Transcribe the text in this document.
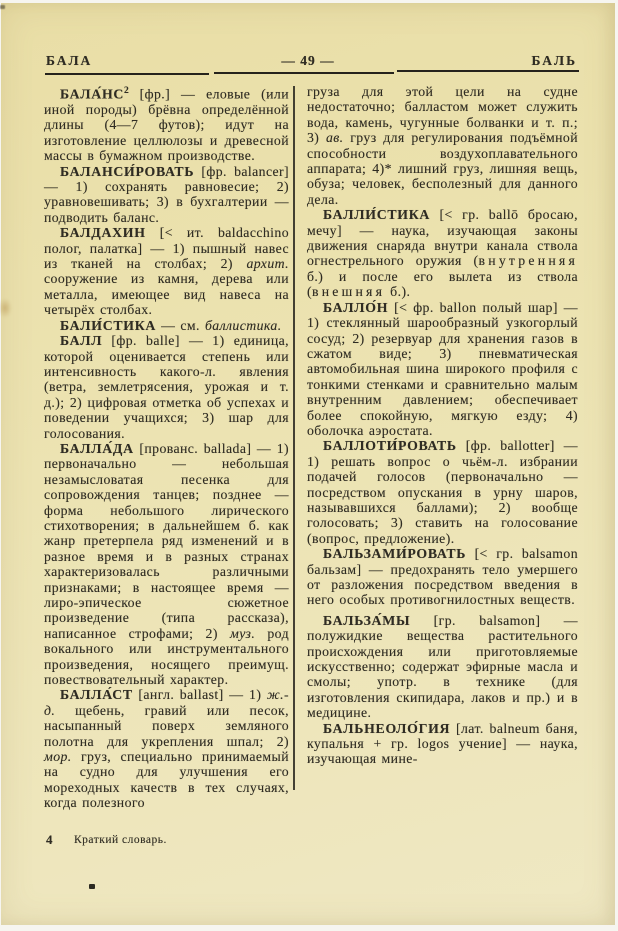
БАЛА	— 49 —	БАЛЬ

$БАЛА́НС^2$ [фр.] — еловые (или иной породы) брёвна определённой длины (4—7 футов); идут на изготовление целлюлозы и древесной массы в бумажном производстве.

БАЛАНСИ́РОВАТЬ [фр. balancer] — 1) сохранять равновесие; 2) уравновешивать; 3) в бухгалтерии — подводить баланс.

БАЛДАХИН [< ит. baldacchino полог, палатка] — 1) пышный навес из тканей на столбах; 2) архит. сооружение из камня, дерева или металла, имеющее вид навеса на четырёх столбах.

БАЛИ́СТИКА — см. баллистика.

БАЛЛ [фр. balle] — 1) единица, которой оценивается степень или интенсивность какого-л. явления (ветра, землетрясения, урожая и т. д.); 2) цифровая отметка об успехах и поведении учащихся; 3) шар для голосования.

БАЛЛА́ДА [прованс. ballada] — 1) первоначально — небольшая незамысловатая песенка для сопровождения танцев; позднее — форма небольшого лирического стихотворения; в дальнейшем б. как жанр претерпела ряд изменений и в разное время и в разных странах характеризовалась различными признаками; в настоящее время — лиро-эпическое сюжетное произведение (типа рассказа), написанное строфами; 2) муз. род вокального или инструментального произведения, носящего преимущ. повествовательный характер.

БАЛЛА́СТ [англ. ballast] — 1) ж.-д. щебень, гравий или песок, насыпанный поверх земляного полотна для укрепления шпал; 2) мор. груз, специально принимаемый на судно для улучшения его мореходных качеств в тех случаях, когда полезного

груза для этой цели на судне недостаточно; балластом может служить вода, камень, чугунные болванки и т. п.; 3) ав. груз для регулирования подъёмной способности воздухоплавательного аппарата; 4)* лишний груз, лишняя вещь, обуза; человек, бесполезный для данного дела.

БАЛЛИ́СТИКА [< гр. ballō бросаю, мечу] — наука, изучающая законы движения снаряда внутри канала ствола огнестрельного оружия (внутренняя б.) и после его вылета из ствола (внешняя б.).

БАЛЛО́Н [< фр. ballon полый шар] — 1) стеклянный шарообразный узкогорлый сосуд; 2) резервуар для хранения газов в сжатом виде; 3) пневматическая автомобильная шина широкого профиля с тонкими стенками и сравнительно малым внутренним давлением; обеспечивает более спокойную, мягкую езду; 4) оболочка аэростата.

БАЛЛОТИ́РОВАТЬ [фр. ballotter] — 1) решать вопрос о чьём-л. избрании подачей голосов (первоначально — посредством опускания в урну шаров, называвшихся баллами); 2) вообще голосовать; 3) ставить на голосование (вопрос, предложение).

БАЛЬЗАМИ́РОВАТЬ [< гр. balsamon бальзам] — предохранять тело умершего от разложения посредством введения в него особых противогнилостных веществ.

БАЛЬЗА́МЫ [гр. balsamon] — полужидкие вещества растительного происхождения или приготовляемые искусственно; содержат эфирные масла и смолы; употр. в технике (для изготовления скипидара, лаков и пр.) и в медицине.

БАЛЬНЕОЛО́ГИЯ [лат. balneum баня, купальня + гр. logos учение] — наука, изучающая мине-

4 Краткий словарь.
